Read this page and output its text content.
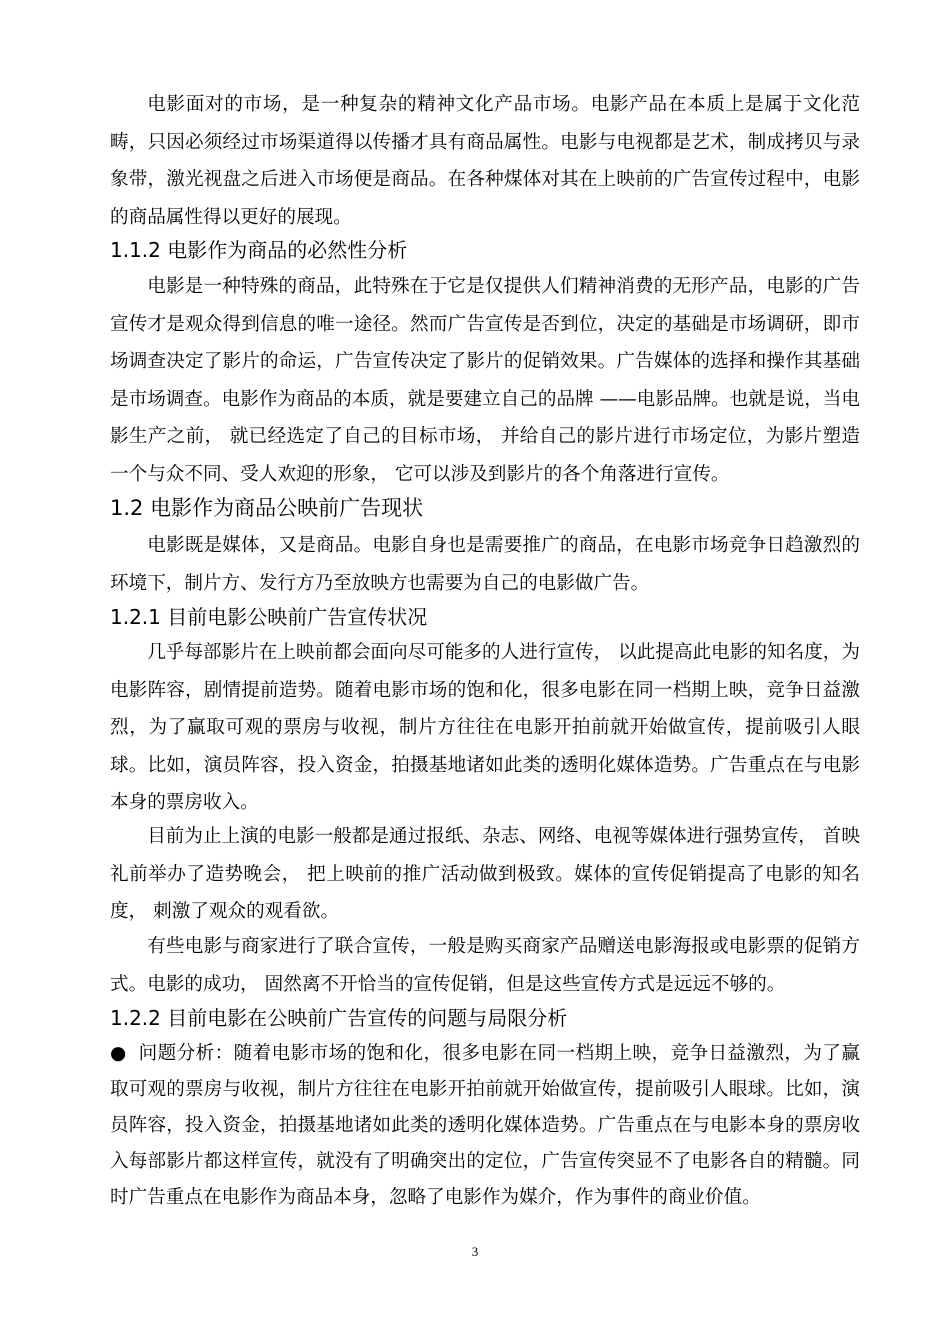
电影面对的市场，是一种复杂的精神文化产品市场。电影产品在本质上是属于文化范畴，只因必须经过市场渠道得以传播才具有商品属性。电影与电视都是艺术，制成拷贝与录象带，激光视盘之后进入市场便是商品。在各种煤体对其在上映前的广告宣传过程中，电影的商品属性得以更好的展现。

1.1.2 电影作为商品的必然性分析

电影是一种特殊的商品，此特殊在于它是仅提供人们精神消费的无形产品，电影的广告宣传才是观众得到信息的唯一途径。然而广告宣传是否到位，决定的基础是市场调研，即市场调查决定了影片的命运，广告宣传决定了影片的促销效果。广告媒体的选择和操作其基础是市场调查。电影作为商品的本质，就是要建立自己的品牌 ——电影品牌。也就是说，当电影生产之前， 就已经选定了自己的目标市场， 并给自己的影片进行市场定位，为影片塑造一个与众不同、受人欢迎的形象， 它可以涉及到影片的各个角落进行宣传。

1.2 电影作为商品公映前广告现状

电影既是媒体，又是商品。电影自身也是需要推广的商品，在电影市场竞争日趋激烈的环境下，制片方、发行方乃至放映方也需要为自己的电影做广告。

1.2.1 目前电影公映前广告宣传状况

几乎每部影片在上映前都会面向尽可能多的人进行宣传， 以此提高此电影的知名度，为电影阵容，剧情提前造势。随着电影市场的饱和化，很多电影在同一档期上映，竞争日益激烈，为了赢取可观的票房与收视，制片方往往在电影开拍前就开始做宣传，提前吸引人眼球。比如，演员阵容，投入资金，拍摄基地诸如此类的透明化媒体造势。广告重点在与电影本身的票房收入。

目前为止上演的电影一般都是通过报纸、杂志、网络、电视等媒体进行强势宣传， 首映礼前举办了造势晚会， 把上映前的推广活动做到极致。媒体的宣传促销提高了电影的知名度， 刺激了观众的观看欲。

有些电影与商家进行了联合宣传，一般是购买商家产品赠送电影海报或电影票的促销方式。电影的成功， 固然离不开恰当的宣传促销，但是这些宣传方式是远远不够的。

1.2.2 目前电影在公映前广告宣传的问题与局限分析

● 问题分析：随着电影市场的饱和化，很多电影在同一档期上映，竞争日益激烈，为了赢取可观的票房与收视，制片方往往在电影开拍前就开始做宣传，提前吸引人眼球。比如，演员阵容，投入资金，拍摄基地诸如此类的透明化媒体造势。广告重点在与电影本身的票房收入每部影片都这样宣传，就没有了明确突出的定位，广告宣传突显不了电影各自的精髓。同时广告重点在电影作为商品本身，忽略了电影作为媒介，作为事件的商业价值。

3
